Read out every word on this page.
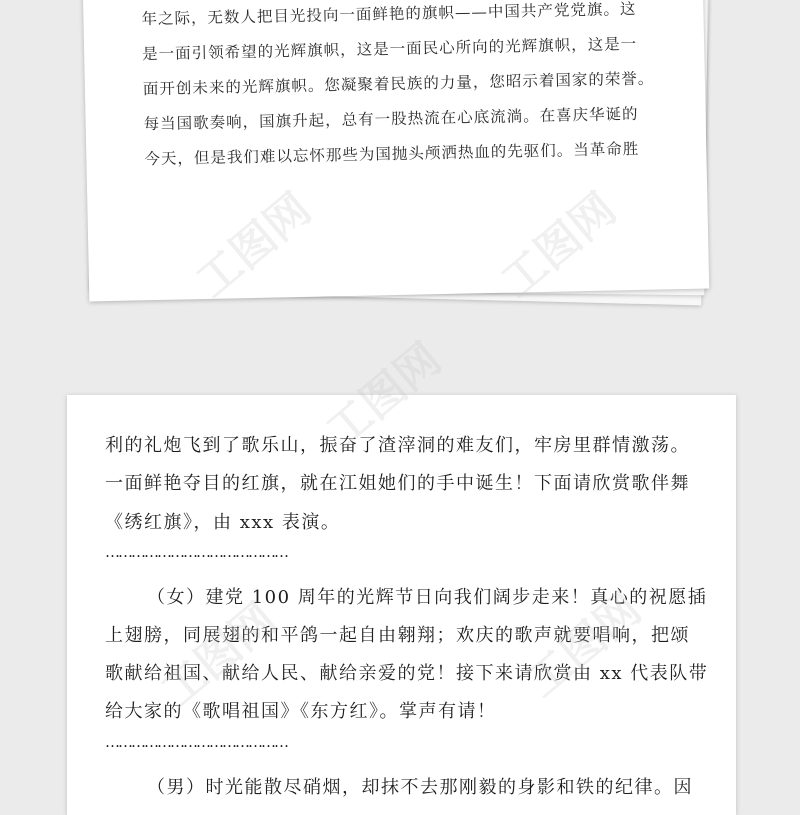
年之际，无数人把目光投向一面鲜艳的旗帜——中国共产党党旗。这
是一面引领希望的光辉旗帜，这是一面民心所向的光辉旗帜，这是一
面开创未来的光辉旗帜。您凝聚着民族的力量，您昭示着国家的荣誉。
每当国歌奏响，国旗升起，总有一股热流在心底流淌。在喜庆华诞的
今天，但是我们难以忘怀那些为国抛头颅洒热血的先驱们。当革命胜
利的礼炮飞到了歌乐山，振奋了渣滓洞的难友们，牢房里群情激荡。
一面鲜艳夺目的红旗，就在江姐她们的手中诞生！下面请欣赏歌伴舞
《绣红旗》，由 xxx 表演。
……………………………………
（女）建党 100 周年的光辉节日向我们阔步走来！真心的祝愿插
上翅膀，同展翅的和平鸽一起自由翱翔；欢庆的歌声就要唱响，把颂
歌献给祖国、献给人民、献给亲爱的党！接下来请欣赏由 xx 代表队带
给大家的《歌唱祖国》《东方红》。掌声有请！
……………………………………
（男）时光能散尽硝烟，却抹不去那刚毅的身影和铁的纪律。因
工图网	工图网
工图网
工图网	工图网
